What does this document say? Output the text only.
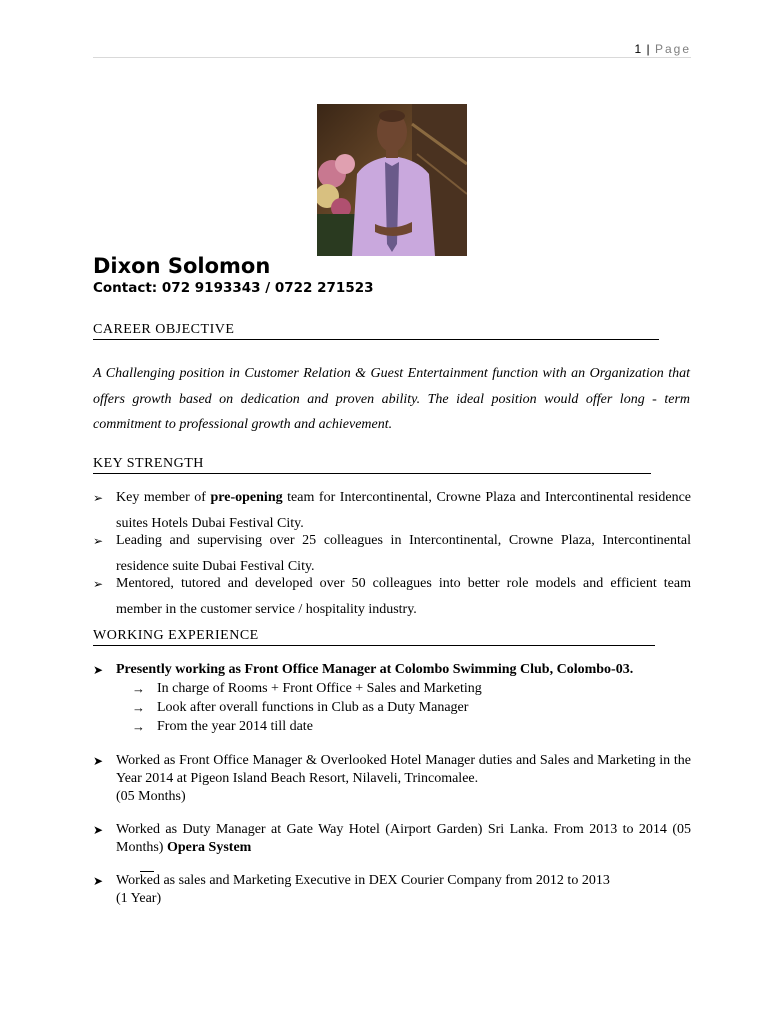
1 | Page
Dixon Solomon
Contact: 072 9193343 / 0722 271523
CAREER OBJECTIVE
A Challenging position in Customer Relation & Guest Entertainment function with an Organization that offers growth based on dedication and proven ability. The ideal position would offer long - term commitment to professional growth and achievement.
KEY STRENGTH
➢ Key member of pre-opening team for Intercontinental, Crowne Plaza and Intercontinental residence suites Hotels Dubai Festival City.
➢ Leading and supervising over 25 colleagues in Intercontinental, Crowne Plaza, Intercontinental residence suite Dubai Festival City.
➢ Mentored, tutored and developed over 50 colleagues into better role models and efficient team member in the customer service / hospitality industry.
WORKING EXPERIENCE
➤ Presently working as Front Office Manager at Colombo Swimming Club, Colombo-03.
→ In charge of Rooms + Front Office + Sales and Marketing
→ Look after overall functions in Club as a Duty Manager
→ From the year 2014 till date
➤ Worked as Front Office Manager & Overlooked Hotel Manager duties and Sales and Marketing in the Year 2014 at Pigeon Island Beach Resort, Nilaveli, Trincomalee.
(05 Months)
➤ Worked as Duty Manager at Gate Way Hotel (Airport Garden) Sri Lanka. From 2013 to 2014 (05 Months) Opera System
➤ Worked as sales and Marketing Executive in DEX Courier Company from 2012 to 2013
(1 Year)
